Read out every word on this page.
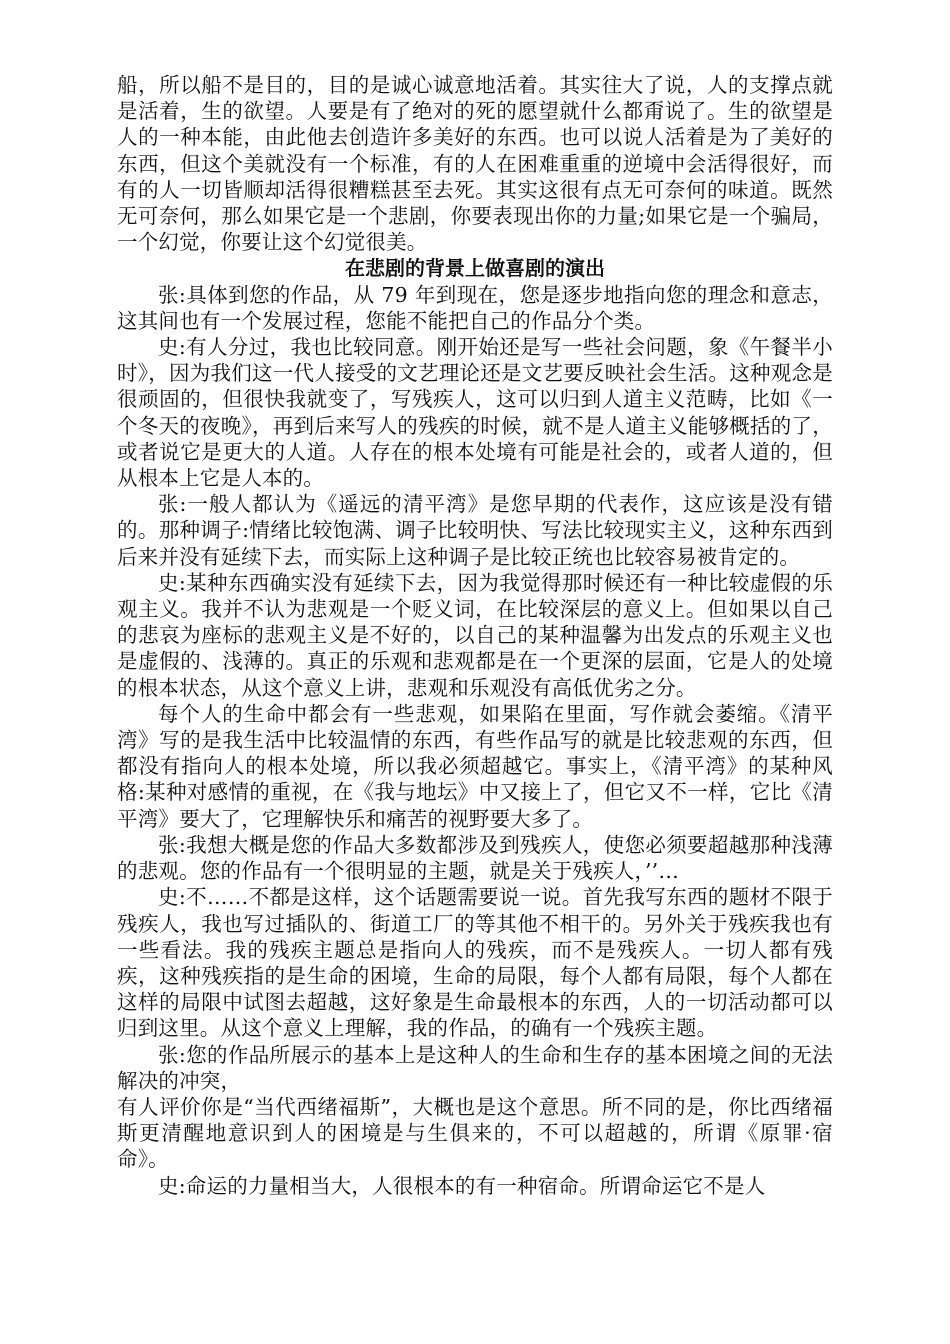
船，所以船不是目的，目的是诚心诚意地活着。其实往大了说，人的支撑点就是活着，生的欲望。人要是有了绝对的死的愿望就什么都甭说了。生的欲望是人的一种本能，由此他去创造许多美好的东西。也可以说人活着是为了美好的东西，但这个美就没有一个标准，有的人在困难重重的逆境中会活得很好，而有的人一切皆顺却活得很糟糕甚至去死。其实这很有点无可奈何的味道。既然无可奈何，那么如果它是一个悲剧，你要表现出你的力量;如果它是一个骗局，一个幻觉，你要让这个幻觉很美。

在悲剧的背景上做喜剧的演出

张:具体到您的作品，从 79 年到现在，您是逐步地指向您的理念和意志，这其间也有一个发展过程，您能不能把自己的作品分个类。

史:有人分过，我也比较同意。刚开始还是写一些社会问题，象《午餐半小时》，因为我们这一代人接受的文艺理论还是文艺要反映社会生活。这种观念是很顽固的，但很快我就变了，写残疾人，这可以归到人道主义范畴，比如《一个冬天的夜晚》，再到后来写人的残疾的时候，就不是人道主义能够概括的了，或者说它是更大的人道。人存在的根本处境有可能是社会的，或者人道的，但从根本上它是人本的。

张:一般人都认为《遥远的清平湾》是您早期的代表作，这应该是没有错的。那种调子:情绪比较饱满、调子比较明快、写法比较现实主义，这种东西到后来并没有延续下去，而实际上这种调子是比较正统也比较容易被肯定的。

史:某种东西确实没有延续下去，因为我觉得那时候还有一种比较虚假的乐观主义。我并不认为悲观是一个贬义词，在比较深层的意义上。但如果以自己的悲哀为座标的悲观主义是不好的，以自己的某种温馨为出发点的乐观主义也是虚假的、浅薄的。真正的乐观和悲观都是在一个更深的层面，它是人的处境的根本状态，从这个意义上讲，悲观和乐观没有高低优劣之分。

每个人的生命中都会有一些悲观，如果陷在里面，写作就会萎缩。《清平湾》写的是我生活中比较温情的东西，有些作品写的就是比较悲观的东西，但都没有指向人的根本处境，所以我必须超越它。事实上，《清平湾》的某种风格:某种对感情的重视，在《我与地坛》中又接上了，但它又不一样，它比《清平湾》要大了，它理解快乐和痛苦的视野要大多了。

张:我想大概是您的作品大多数都涉及到残疾人，使您必须要超越那种浅薄的悲观。您的作品有一个很明显的主题，就是关于残疾人，’’…

史:不……不都是这样，这个话题需要说一说。首先我写东西的题材不限于残疾人，我也写过插队的、街道工厂的等其他不相干的。另外关于残疾我也有一些看法。我的残疾主题总是指向人的残疾，而不是残疾人。一切人都有残疾，这种残疾指的是生命的困境，生命的局限，每个人都有局限，每个人都在这样的局限中试图去超越，这好象是生命最根本的东西，人的一切活动都可以归到这里。从这个意义上理解，我的作品，的确有一个残疾主题。

张:您的作品所展示的基本上是这种人的生命和生存的基本困境之间的无法解决的冲突，

有人评价你是“当代西绪福斯”，大概也是这个意思。所不同的是，你比西绪福斯更清醒地意识到人的困境是与生俱来的，不可以超越的，所谓《原罪·宿命》。

史:命运的力量相当大，人很根本的有一种宿命。所谓命运它不是人
